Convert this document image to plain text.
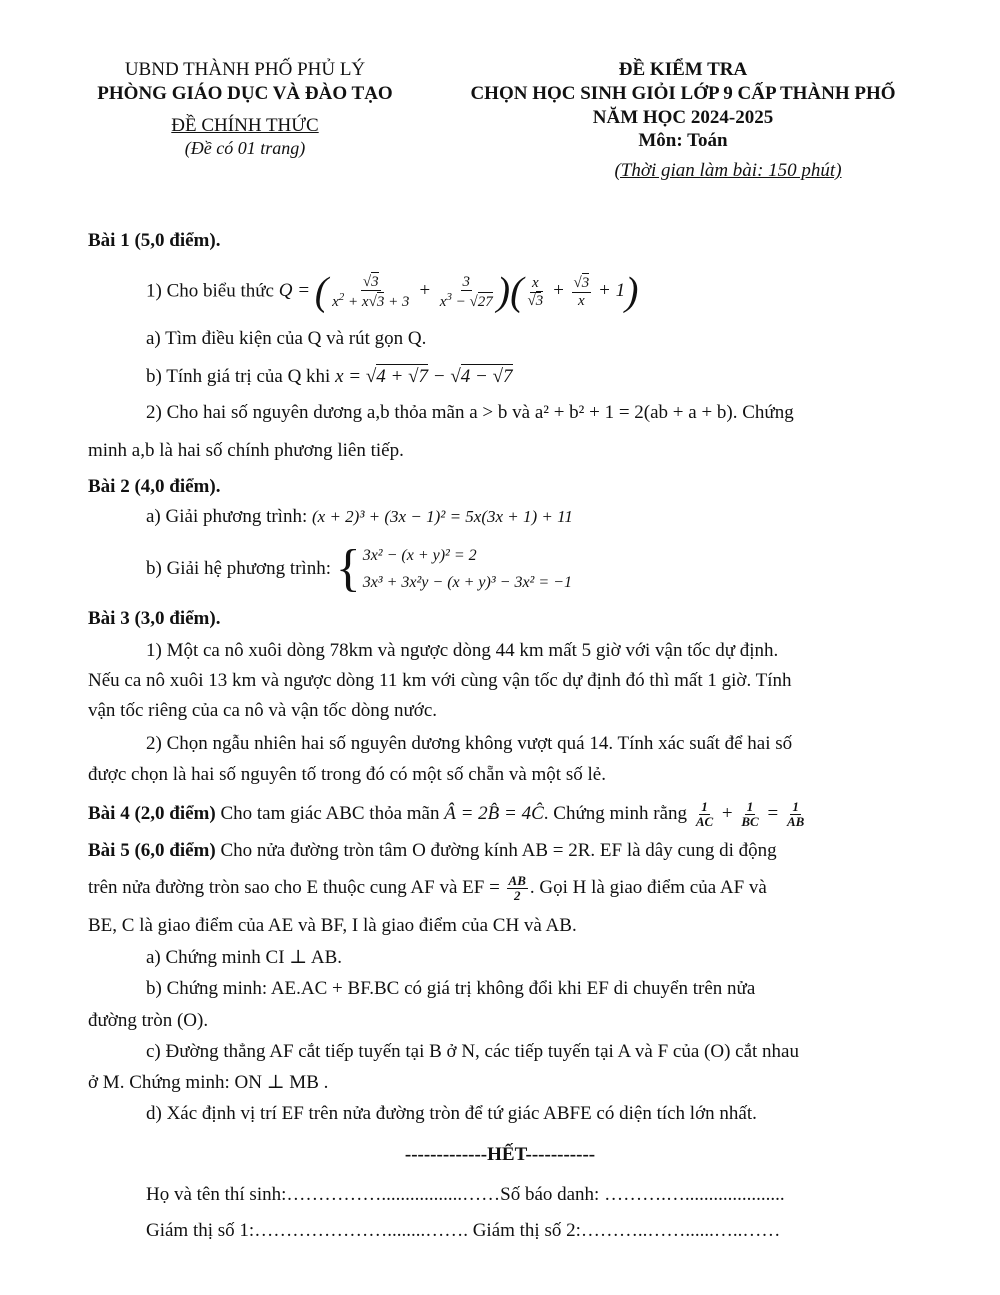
UBND THÀNH PHỐ PHỦ LÝ
PHÒNG GIÁO DỤC VÀ ĐÀO TẠO
ĐỀ CHÍNH THỨC
(Đề có 01 trang)
ĐỀ KIỂM TRA
CHỌN HỌC SINH GIỎI LỚP 9 CẤP THÀNH PHỐ
NĂM HỌC 2024-2025
Môn: Toán
(Thời gian làm bài: 150 phút)
Bài 1 (5,0 điểm).
1) Cho biểu thức Q = ( $\frac{√3}{x^2 + x√3 + 3} + \frac{3}{x^3 - √27}$ )( $\frac{x}{√3} + \frac{√3}{x} + 1$)
a) Tìm điều kiện của Q và rút gọn Q.
b) Tính giá trị của Q khi x = √4 + √7 − √4 − √7
2) Cho hai số nguyên dương a,b thỏa mãn a > b và a² + b² + 1 = 2(ab + a + b). Chứng
minh a,b là hai số chính phương liên tiếp.
Bài 2 (4,0 điểm).
a) Giải phương trình: (x + 2)³ + (3x − 1)² = 5x(3x + 1) + 11
b) Giải hệ phương trình: { 3x² − (x + y)² = 2
3x³ + 3x²y − (x + y)³ − 3x² = −1
Bài 3 (3,0 điểm).
1) Một ca nô xuôi dòng 78km và ngược dòng 44 km mất 5 giờ với vận tốc dự định.
Nếu ca nô xuôi 13 km và ngược dòng 11 km với cùng vận tốc dự định đó thì mất 1 giờ. Tính
vận tốc riêng của ca nô và vận tốc dòng nước.
2) Chọn ngẫu nhiên hai số nguyên dương không vượt quá 14. Tính xác suất để hai số
được chọn là hai số nguyên tố trong đó có một số chẵn và một số lẻ.
Bài 4 (2,0 điểm) Cho tam giác ABC thỏa mãn Â = 2B̂ = 4Ĉ. Chứng minh rằng $\frac{1}{AC} + \frac{1}{BC} = \frac{1}{AB}$
Bài 5 (6,0 điểm) Cho nửa đường tròn tâm O đường kính AB = 2R. EF là dây cung di động
trên nửa đường tròn sao cho E thuộc cung AF và EF = $\frac{AB}{2}$ . Gọi H là giao điểm của AF và
BE, C là giao điểm của AE và BF, I là giao điểm của CH và AB.
a) Chứng minh CI ⊥ AB.
b) Chứng minh: AE.AC + BF.BC có giá trị không đổi khi EF di chuyển trên nửa
đường tròn (O).
c) Đường thẳng AF cắt tiếp tuyến tại B ở N, các tiếp tuyến tại A và F của (O) cắt nhau
ở M. Chứng minh: ON ⊥ MB .
d) Xác định vị trí EF trên nửa đường tròn để tứ giác ABFE có diện tích lớn nhất.
-------------HẾT-----------
Họ và tên thí sinh:…………….................……Số báo danh: ……….….....................
Giám thị số 1:…………………........……. Giám thị số 2:………..……......…..……
